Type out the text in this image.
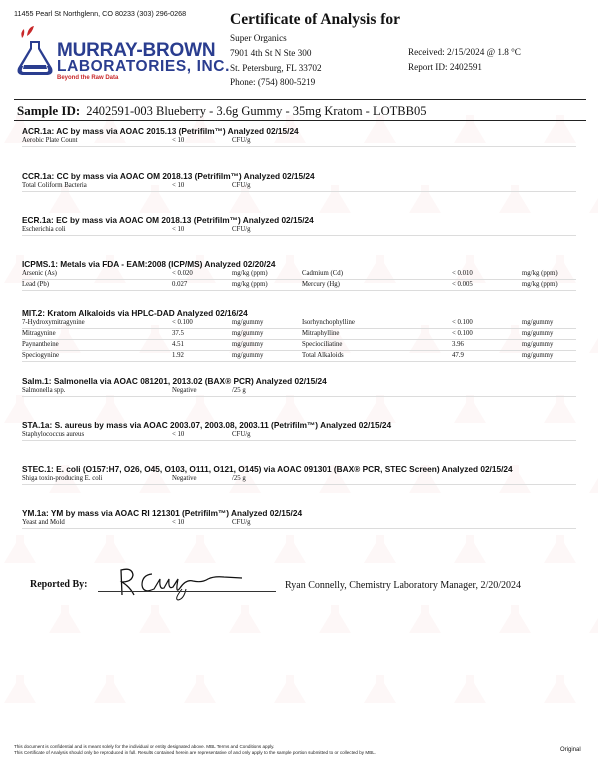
11455 Pearl St Northglenn, CO 80233 (303) 296-0268
MURRAY-BROWN
LABORATORIES, INC.
Beyond the Raw Data
Certificate of Analysis for
Super Organics
7901 4th St N Ste 300
St. Petersburg, FL 33702
Phone: (754) 800-5219
Received: 2/15/2024 @ 1.8 °C
Report ID: 2402591
Sample ID: 2402591-003 Blueberry - 3.6g Gummy - 35mg Kratom - LOTBB05
ACR.1a: AC by mass via AOAC 2015.13 (Petrifilm™) Analyzed 02/15/24
Aerobic Plate Count	< 10	CFU/g
CCR.1a: CC by mass via AOAC OM 2018.13 (Petrifilm™) Analyzed 02/15/24
Total Coliform Bacteria	< 10	CFU/g
ECR.1a: EC by mass via AOAC OM 2018.13 (Petrifilm™) Analyzed 02/15/24
Escherichia coli	< 10	CFU/g
ICPMS.1: Metals via FDA - EAM:2008 (ICP/MS) Analyzed 02/20/24
Arsenic (As)	< 0.020	mg/kg (ppm)	Cadmium (Cd)	< 0.010	mg/kg (ppm)
Lead (Pb)	0.027	mg/kg (ppm)	Mercury (Hg)	< 0.005	mg/kg (ppm)
MIT.2: Kratom Alkaloids via HPLC-DAD Analyzed 02/16/24
7-Hydroxymitragynine	< 0.100	mg/gummy	Isorhynchophylline	< 0.100	mg/gummy
Mitragynine	37.5	mg/gummy	Mitraphylline	< 0.100	mg/gummy
Paynantheine	4.51	mg/gummy	Speciociliatine	3.96	mg/gummy
Speciogynine	1.92	mg/gummy	Total Alkaloids	47.9	mg/gummy
Salm.1: Salmonella via AOAC 081201, 2013.02 (BAX® PCR) Analyzed 02/15/24
Salmonella spp.	Negative	/25 g
STA.1a: S. aureus by mass via AOAC 2003.07, 2003.08, 2003.11 (Petrifilm™) Analyzed 02/15/24
Staphylococcus aureus	< 10	CFU/g
STEC.1: E. coli (O157:H7, O26, O45, O103, O111, O121, O145) via AOAC 091301 (BAX® PCR, STEC Screen) Analyzed 02/15/24
Shiga toxin-producing E. coli	Negative	/25 g
YM.1a: YM by mass via AOAC RI 121301 (Petrifilm™) Analyzed 02/15/24
Yeast and Mold	< 10	CFU/g
Reported By:	Ryan Connelly, Chemistry Laboratory Manager, 2/20/2024
This document is confidential and is meant solely for the individual or entity designated above. MBL Terms and Conditions apply.
This Certificate of Analysis should only be reproduced in full. Results contained herein are representative of and only apply to the sample portion submitted to or collected by MBL.	Original
